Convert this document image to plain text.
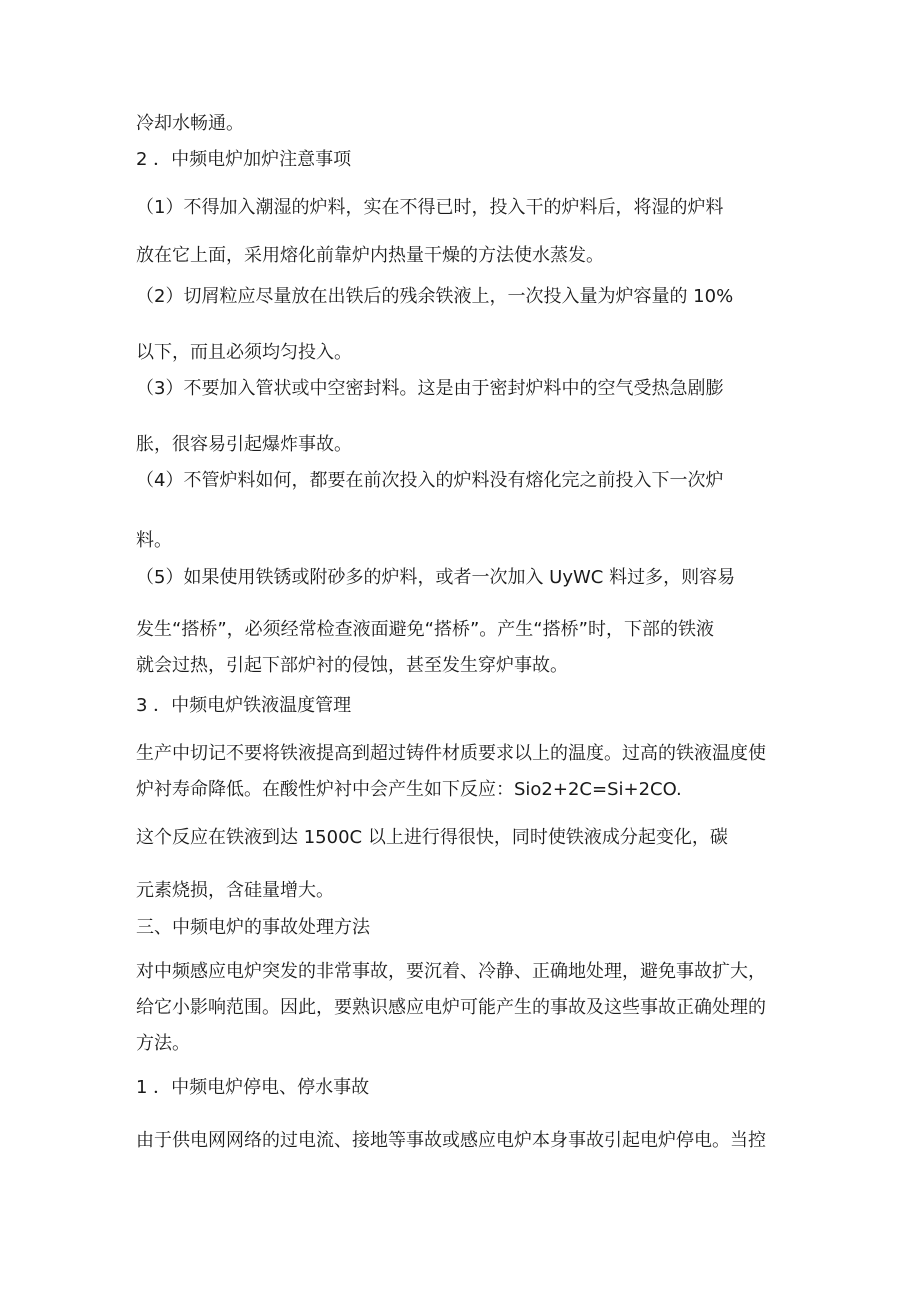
冷却水畅通。
2 ．中频电炉加炉注意事项
（1）不得加入潮湿的炉料，实在不得已时，投入干的炉料后，将湿的炉料
放在它上面，采用熔化前靠炉内热量干燥的方法使水蒸发。
（2）切屑粒应尽量放在出铁后的残余铁液上，一次投入量为炉容量的 10%
以下，而且必须均匀投入。
（3）不要加入管状或中空密封料。这是由于密封炉料中的空气受热急剧膨
胀，很容易引起爆炸事故。
（4）不管炉料如何，都要在前次投入的炉料没有熔化完之前投入下一次炉
料。
（5）如果使用铁锈或附砂多的炉料，或者一次加入 UyWC 料过多，则容易
发生“搭桥”，必须经常检查液面避免“搭桥”。产生“搭桥”时，下部的铁液
就会过热，引起下部炉衬的侵蚀，甚至发生穿炉事故。
3 ．中频电炉铁液温度管理
生产中切记不要将铁液提高到超过铸件材质要求以上的温度。过高的铁液温度使
炉衬寿命降低。在酸性炉衬中会产生如下反应：Sio2+2C=Si+2CO.
这个反应在铁液到达 1500C 以上进行得很快，同时使铁液成分起变化，碳
元素烧损，含硅量增大。
三、中频电炉的事故处理方法
对中频感应电炉突发的非常事故，要沉着、冷静、正确地处理，避免事故扩大，
给它小影响范围。因此，要熟识感应电炉可能产生的事故及这些事故正确处理的
方法。
1 ．中频电炉停电、停水事故
由于供电网网络的过电流、接地等事故或感应电炉本身事故引起电炉停电。当控
